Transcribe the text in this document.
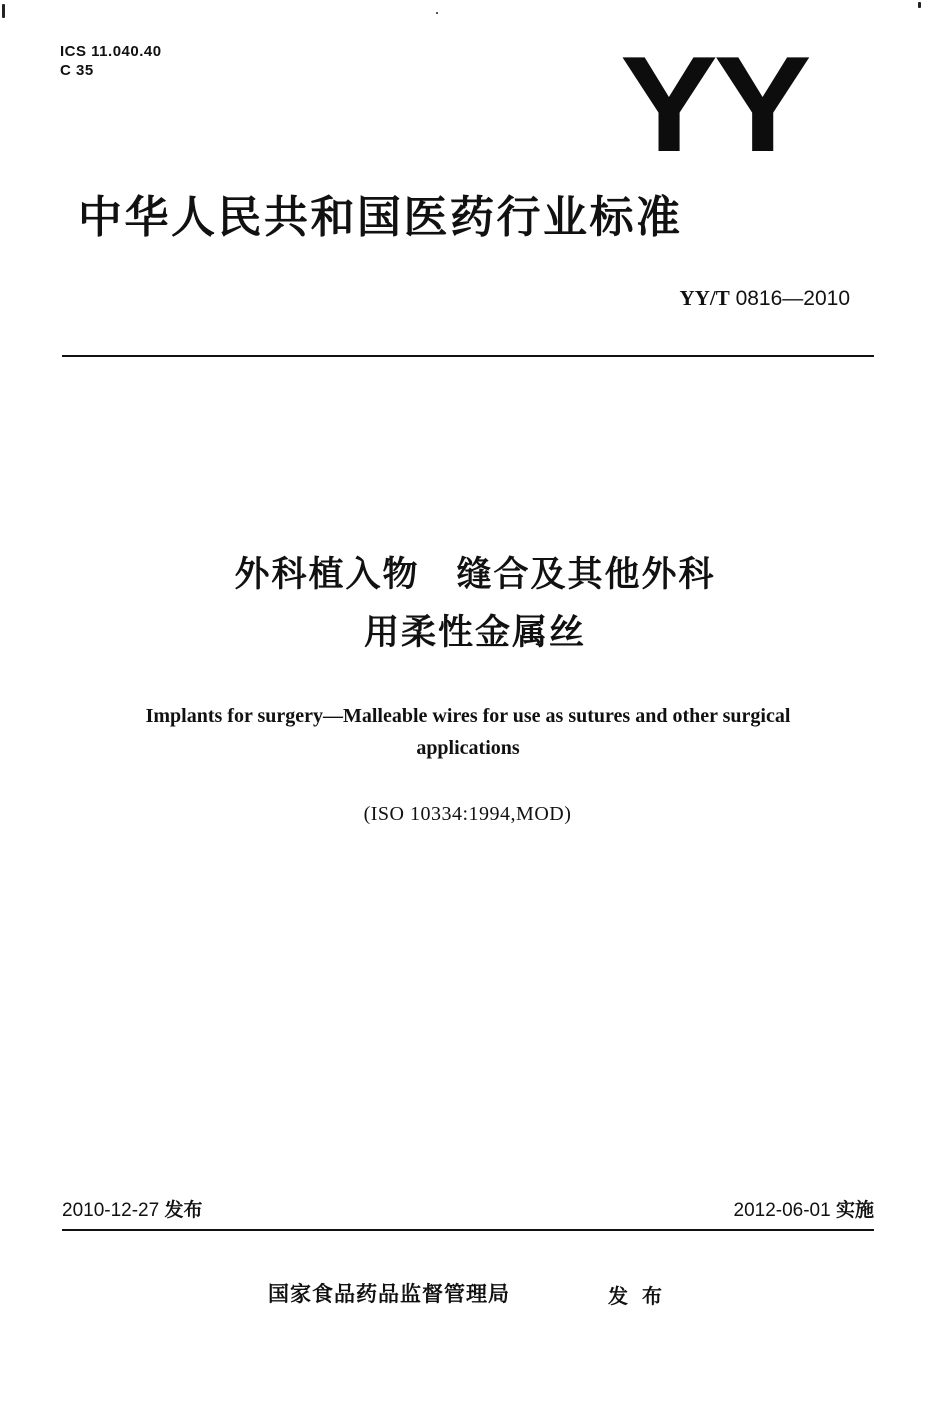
ICS 11.040.40
C 35	YY
中华人民共和国医药行业标准
YY/T 0816—2010
外科植入物　缝合及其他外科
用柔性金属丝
Implants for surgery—Malleable wires for use as sutures and other surgical applications
(ISO 10334:1994,MOD)
2010-12-27 发布	2012-06-01 实施
国家食品药品监督管理局	发布
